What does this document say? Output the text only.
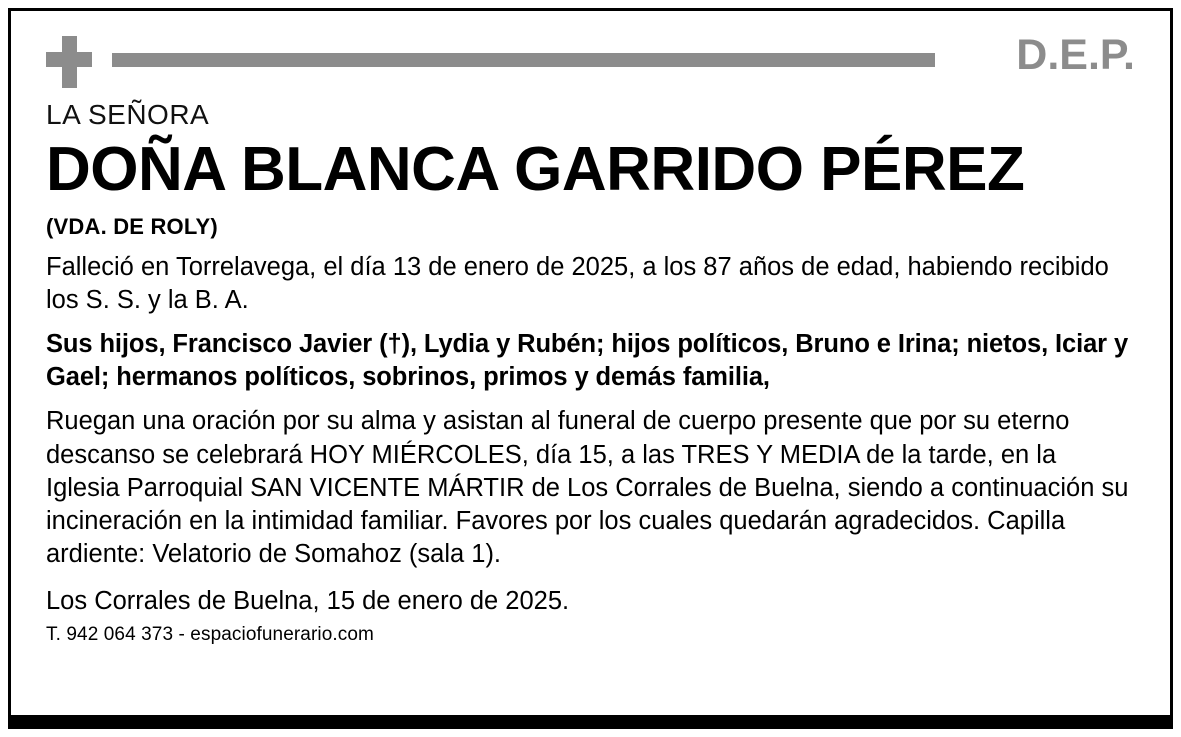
D.E.P.
LA SEÑORA
DOÑA BLANCA GARRIDO PÉREZ
(VDA. DE ROLY)
Falleció en Torrelavega, el día 13 de enero de 2025, a los 87 años de edad, habiendo recibido los S. S. y la B. A.
Sus hijos, Francisco Javier (†), Lydia y Rubén; hijos políticos, Bruno e Irina; nietos, Iciar y Gael; hermanos políticos, sobrinos, primos y demás familia,
Ruegan una oración por su alma y asistan al funeral de cuerpo presente que por su eterno descanso se celebrará HOY MIÉRCOLES, día 15, a las TRES Y MEDIA de la tarde, en la Iglesia Parroquial SAN VICENTE MÁRTIR de Los Corrales de Buelna, siendo a continuación su incineración en la intimidad familiar. Favores por los cuales quedarán agradecidos. Capilla ardiente: Velatorio de Somahoz (sala 1).
Los Corrales de Buelna, 15 de enero de 2025.
T. 942 064 373 - espaciofunerario.com
